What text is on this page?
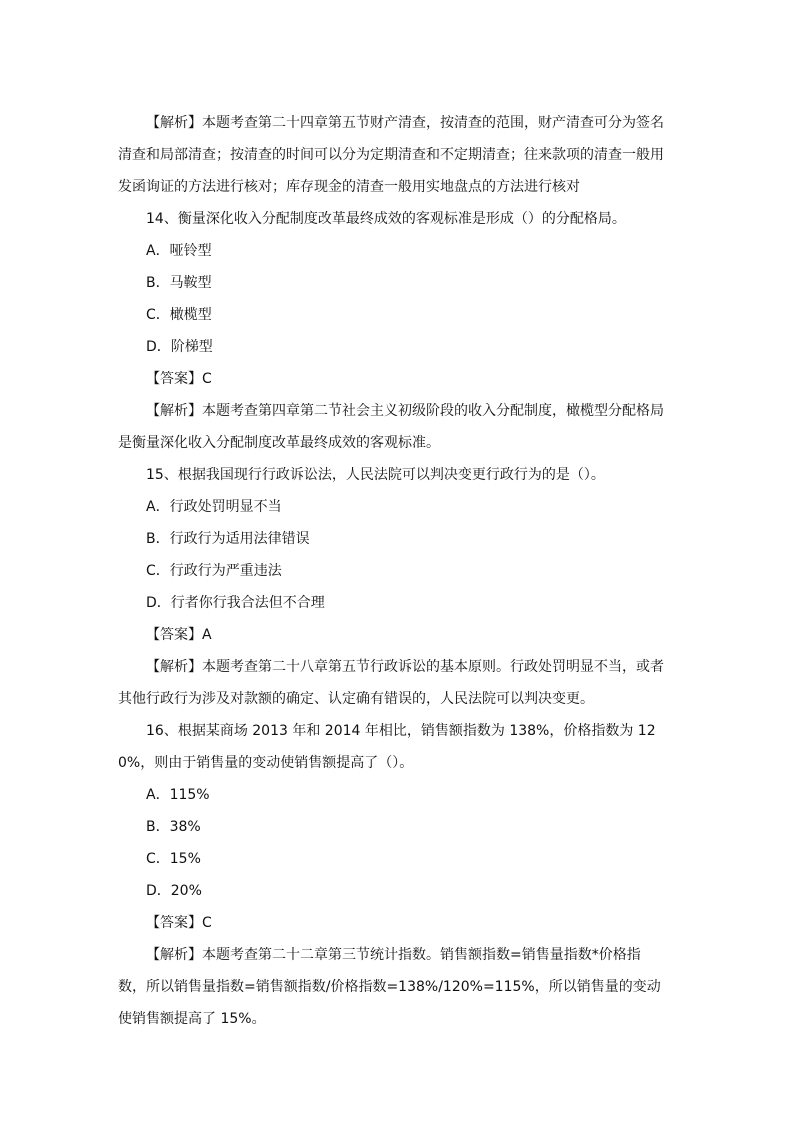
【解析】本题考查第二十四章第五节财产清查，按清查的范围，财产清查可分为签名清查和局部清查；按清查的时间可以分为定期清查和不定期清查；往来款项的清查一般用发函询证的方法进行核对；库存现金的清查一般用实地盘点的方法进行核对

14、衡量深化收入分配制度改革最终成效的客观标准是形成（）的分配格局。

A．哑铃型

B．马鞍型

C．橄榄型

D．阶梯型

【答案】C

【解析】本题考查第四章第二节社会主义初级阶段的收入分配制度，橄榄型分配格局是衡量深化收入分配制度改革最终成效的客观标准。

15、根据我国现行行政诉讼法，人民法院可以判决变更行政行为的是（）。

A．行政处罚明显不当

B．行政行为适用法律错误

C．行政行为严重违法

D．行者你行我合法但不合理

【答案】A

【解析】本题考查第二十八章第五节行政诉讼的基本原则。行政处罚明显不当，或者其他行政行为涉及对款额的确定、认定确有错误的，人民法院可以判决变更。

16、根据某商场 2013 年和 2014 年相比，销售额指数为 138%，价格指数为 120%，则由于销售量的变动使销售额提高了（）。

A．115%

B．38%

C．15%

D．20%

【答案】C

【解析】本题考查第二十二章第三节统计指数。销售额指数=销售量指数*价格指数，所以销售量指数=销售额指数/价格指数=138%/120%=115%，所以销售量的变动使销售额提高了 15%。
